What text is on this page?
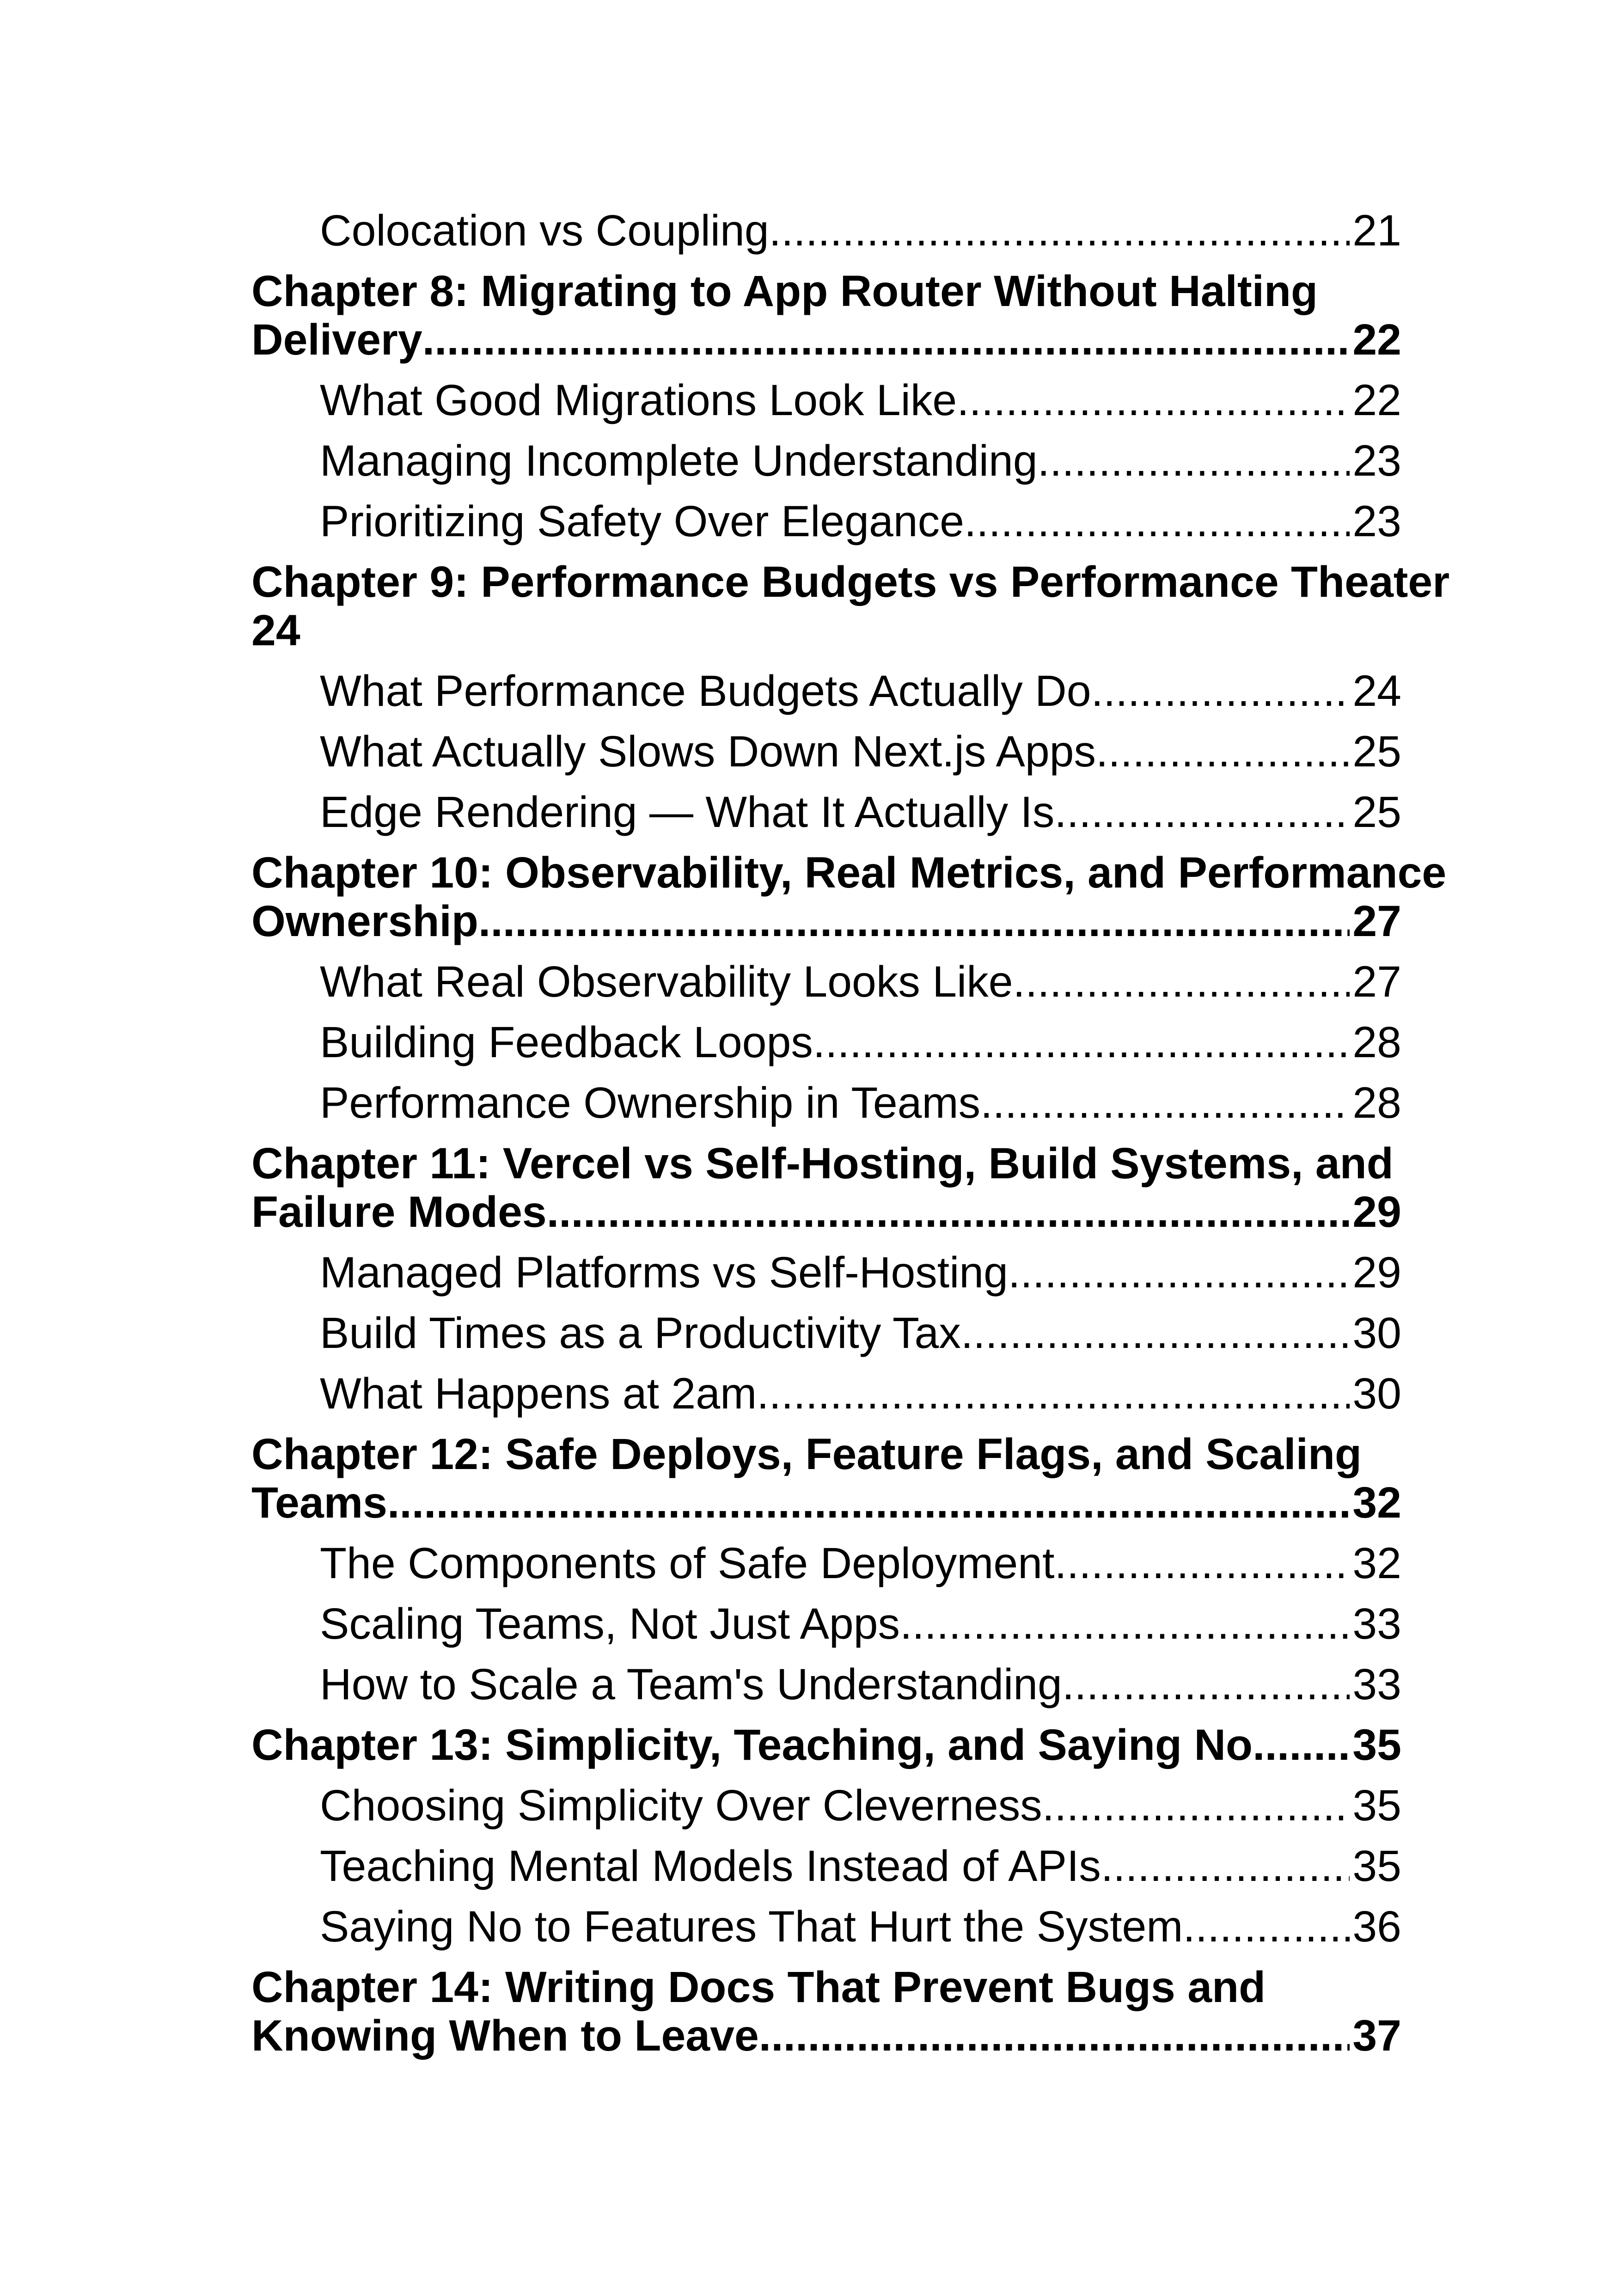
Colocation vs Coupling .....	21
Chapter 8: Migrating to App Router Without Halting
Delivery .....	22
What Good Migrations Look Like .....	22
Managing Incomplete Understanding .....	23
Prioritizing Safety Over Elegance .....	23
Chapter 9: Performance Budgets vs Performance Theater
24
What Performance Budgets Actually Do .....	24
What Actually Slows Down Next.js Apps .....	25
Edge Rendering — What It Actually Is .....	25
Chapter 10: Observability, Real Metrics, and Performance
Ownership .....	27
What Real Observability Looks Like .....	27
Building Feedback Loops .....	28
Performance Ownership in Teams .....	28
Chapter 11: Vercel vs Self-Hosting, Build Systems, and
Failure Modes .....	29
Managed Platforms vs Self-Hosting .....	29
Build Times as a Productivity Tax .....	30
What Happens at 2am .....	30
Chapter 12: Safe Deploys, Feature Flags, and Scaling
Teams .....	32
The Components of Safe Deployment .....	32
Scaling Teams, Not Just Apps .....	33
How to Scale a Team's Understanding .....	33
Chapter 13: Simplicity, Teaching, and Saying No ..... 35
Choosing Simplicity Over Cleverness .....	35
Teaching Mental Models Instead of APIs .....	35
Saying No to Features That Hurt the System .....	36
Chapter 14: Writing Docs That Prevent Bugs and
Knowing When to Leave .....	37
